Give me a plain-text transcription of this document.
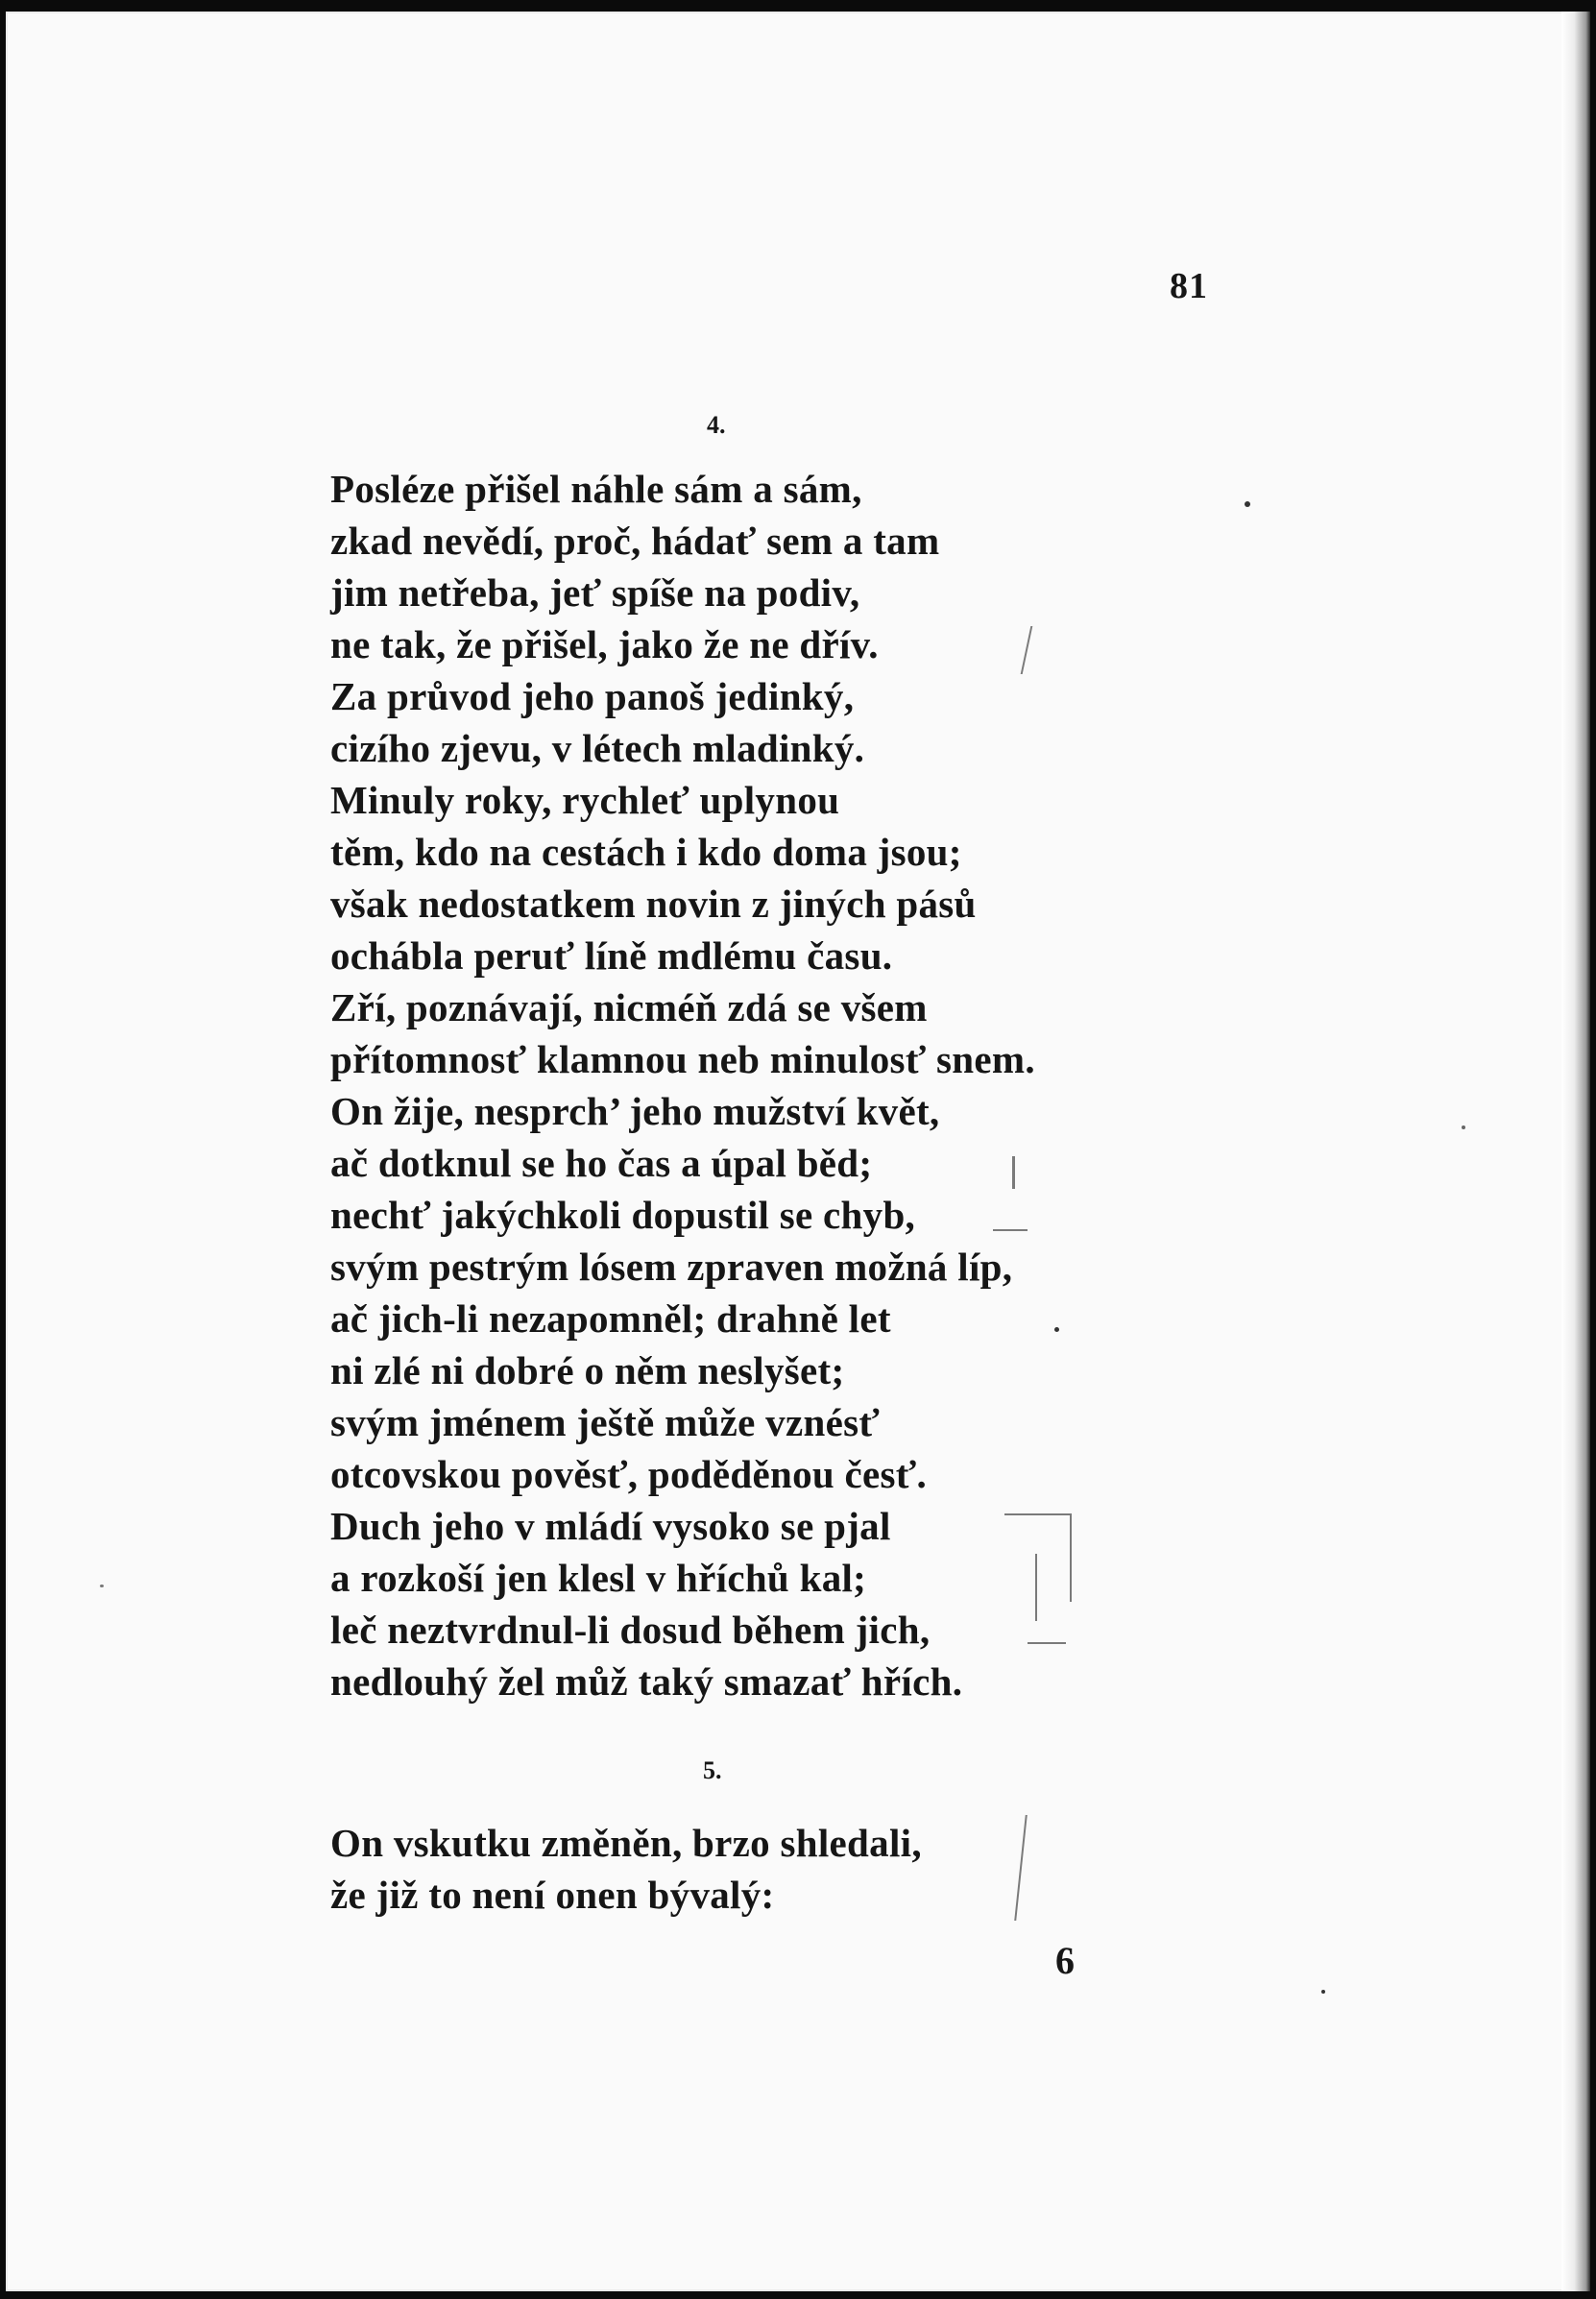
81
4.
Posléze přišel náhle sám a sám,
zkad nevědí, proč, hádať sem a tam
jim netřeba, jeť spíše na podiv,
ne tak, že přišel, jako že ne dřív.
Za průvod jeho panoš jedinký,
cizího zjevu, v létech mladinký.
Minuly roky, rychleť uplynou
těm, kdo na cestách i kdo doma jsou;
však nedostatkem novin z jiných pásů
ochábla peruť líně mdlému času.
Zří, poznávají, nicméň zdá se všem
přítomnosť klamnou neb minulosť snem.
On žije, nesprch’ jeho mužství květ,
ač dotknul se ho čas a úpal běd;
nechť jakýchkoli dopustil se chyb,
svým pestrým lósem zpraven možná líp,
ač jich-li nezapomněl; drahně let
ni zlé ni dobré o něm neslyšet;
svým jménem ještě může vznésť
otcovskou pověsť, poděděnou česť.
Duch jeho v mládí vysoko se pjal
a rozkoší jen klesl v hříchů kal;
leč neztvrdnul-li dosud během jich,
nedlouhý žel můž taký smazať hřích.
5.
On vskutku změněn, brzo shledali,
že již to není onen bývalý:
6
